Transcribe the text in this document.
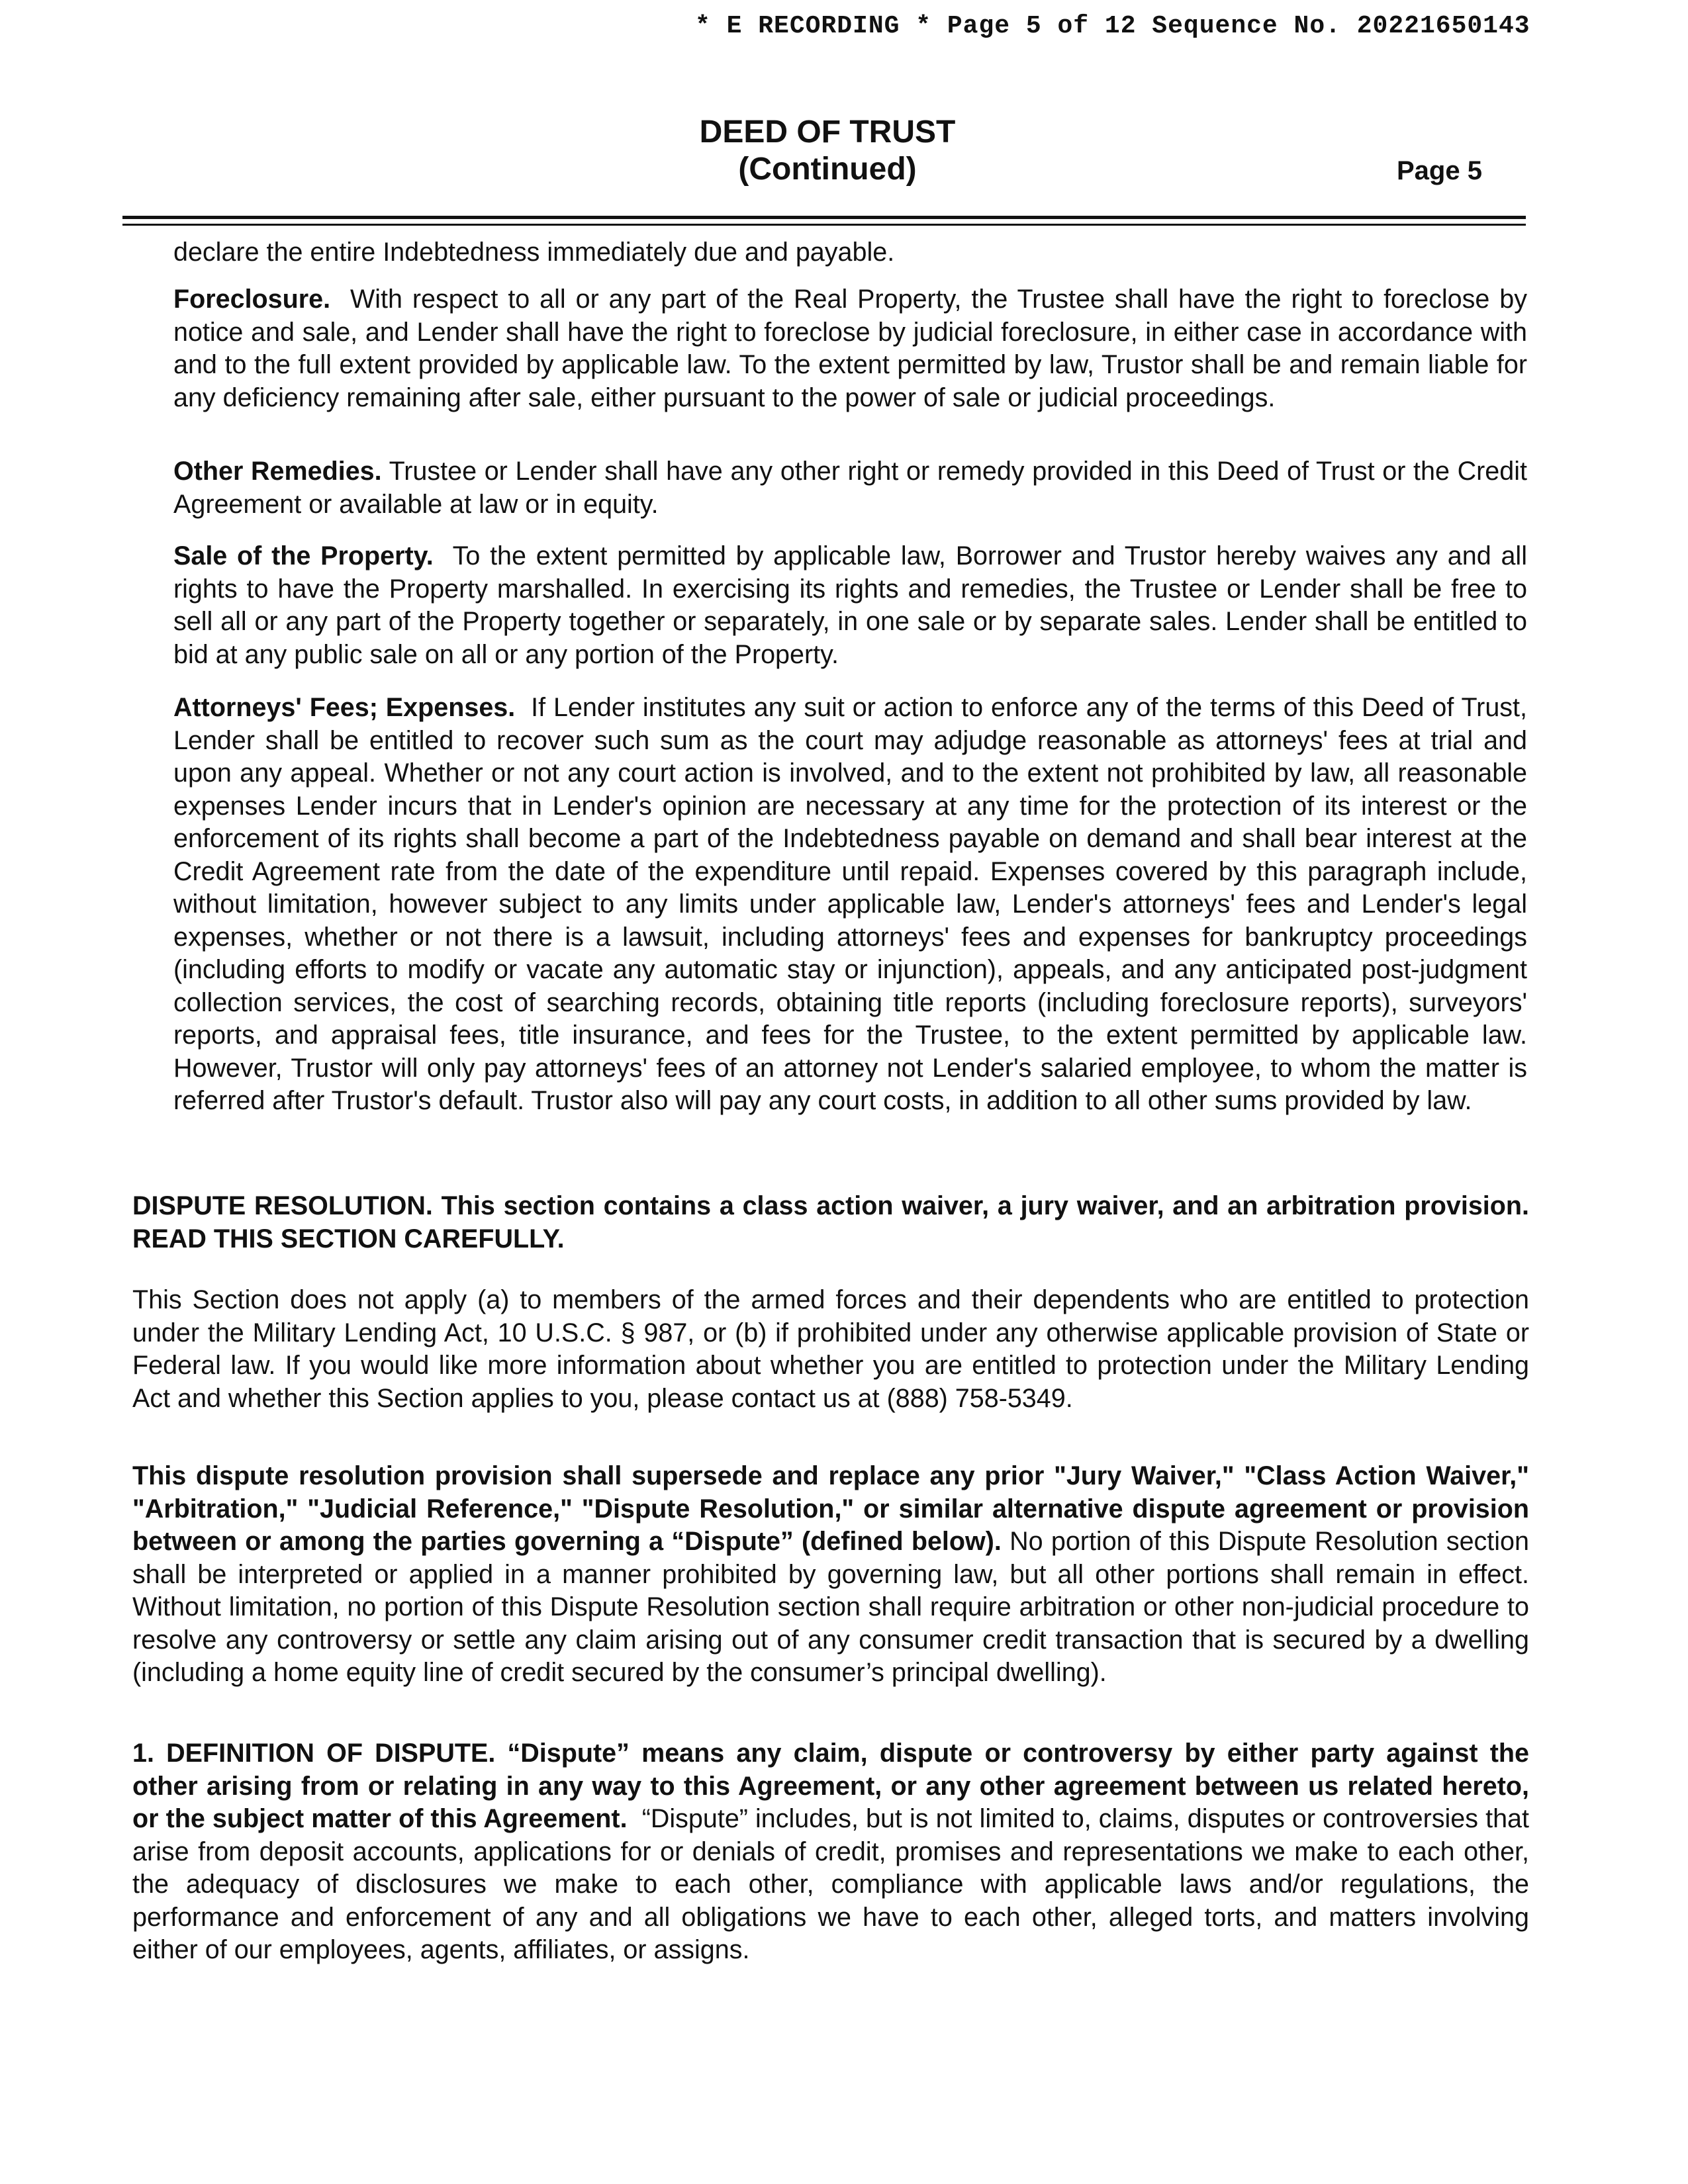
* E RECORDING * Page 5 of 12 Sequence No. 20221650143
DEED OF TRUST
(Continued)	Page 5

declare the entire Indebtedness immediately due and payable.

Foreclosure. With respect to all or any part of the Real Property, the Trustee shall have the right to foreclose by notice and sale, and Lender shall have the right to foreclose by judicial foreclosure, in either case in accordance with and to the full extent provided by applicable law. To the extent permitted by law, Trustor shall be and remain liable for any deficiency remaining after sale, either pursuant to the power of sale or judicial proceedings.

Other Remedies. Trustee or Lender shall have any other right or remedy provided in this Deed of Trust or the Credit Agreement or available at law or in equity.

Sale of the Property. To the extent permitted by applicable law, Borrower and Trustor hereby waives any and all rights to have the Property marshalled. In exercising its rights and remedies, the Trustee or Lender shall be free to sell all or any part of the Property together or separately, in one sale or by separate sales. Lender shall be entitled to bid at any public sale on all or any portion of the Property.

Attorneys' Fees; Expenses. If Lender institutes any suit or action to enforce any of the terms of this Deed of Trust, Lender shall be entitled to recover such sum as the court may adjudge reasonable as attorneys' fees at trial and upon any appeal. Whether or not any court action is involved, and to the extent not prohibited by law, all reasonable expenses Lender incurs that in Lender's opinion are necessary at any time for the protection of its interest or the enforcement of its rights shall become a part of the Indebtedness payable on demand and shall bear interest at the Credit Agreement rate from the date of the expenditure until repaid. Expenses covered by this paragraph include, without limitation, however subject to any limits under applicable law, Lender's attorneys' fees and Lender's legal expenses, whether or not there is a lawsuit, including attorneys' fees and expenses for bankruptcy proceedings (including efforts to modify or vacate any automatic stay or injunction), appeals, and any anticipated post-judgment collection services, the cost of searching records, obtaining title reports (including foreclosure reports), surveyors' reports, and appraisal fees, title insurance, and fees for the Trustee, to the extent permitted by applicable law. However, Trustor will only pay attorneys' fees of an attorney not Lender's salaried employee, to whom the matter is referred after Trustor's default. Trustor also will pay any court costs, in addition to all other sums provided by law.

DISPUTE RESOLUTION. This section contains a class action waiver, a jury waiver, and an arbitration provision. READ THIS SECTION CAREFULLY.

This Section does not apply (a) to members of the armed forces and their dependents who are entitled to protection under the Military Lending Act, 10 U.S.C. § 987, or (b) if prohibited under any otherwise applicable provision of State or Federal law. If you would like more information about whether you are entitled to protection under the Military Lending Act and whether this Section applies to you, please contact us at (888) 758-5349.

This dispute resolution provision shall supersede and replace any prior "Jury Waiver," "Class Action Waiver," "Arbitration," "Judicial Reference," "Dispute Resolution," or similar alternative dispute agreement or provision between or among the parties governing a “Dispute” (defined below). No portion of this Dispute Resolution section shall be interpreted or applied in a manner prohibited by governing law, but all other portions shall remain in effect. Without limitation, no portion of this Dispute Resolution section shall require arbitration or other non-judicial procedure to resolve any controversy or settle any claim arising out of any consumer credit transaction that is secured by a dwelling (including a home equity line of credit secured by the consumer’s principal dwelling).

1. DEFINITION OF DISPUTE. “Dispute” means any claim, dispute or controversy by either party against the other arising from or relating in any way to this Agreement, or any other agreement between us related hereto, or the subject matter of this Agreement. “Dispute” includes, but is not limited to, claims, disputes or controversies that arise from deposit accounts, applications for or denials of credit, promises and representations we make to each other, the adequacy of disclosures we make to each other, compliance with applicable laws and/or regulations, the performance and enforcement of any and all obligations we have to each other, alleged torts, and matters involving either of our employees, agents, affiliates, or assigns.
